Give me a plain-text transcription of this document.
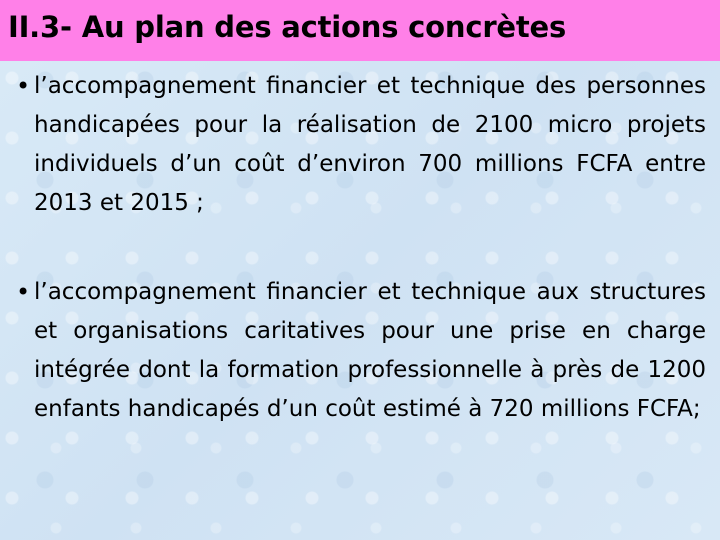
II.3- Au plan des actions concrètes
• l’accompagnement financier et technique des personnes handicapées pour la réalisation de 2100 micro projets individuels d’un coût d’environ 700 millions FCFA entre 2013 et 2015 ;

• l’accompagnement financier et technique aux structures et organisations caritatives pour une prise en charge intégrée dont la formation professionnelle à près de 1200 enfants handicapés d’un coût estimé à 720 millions FCFA;
